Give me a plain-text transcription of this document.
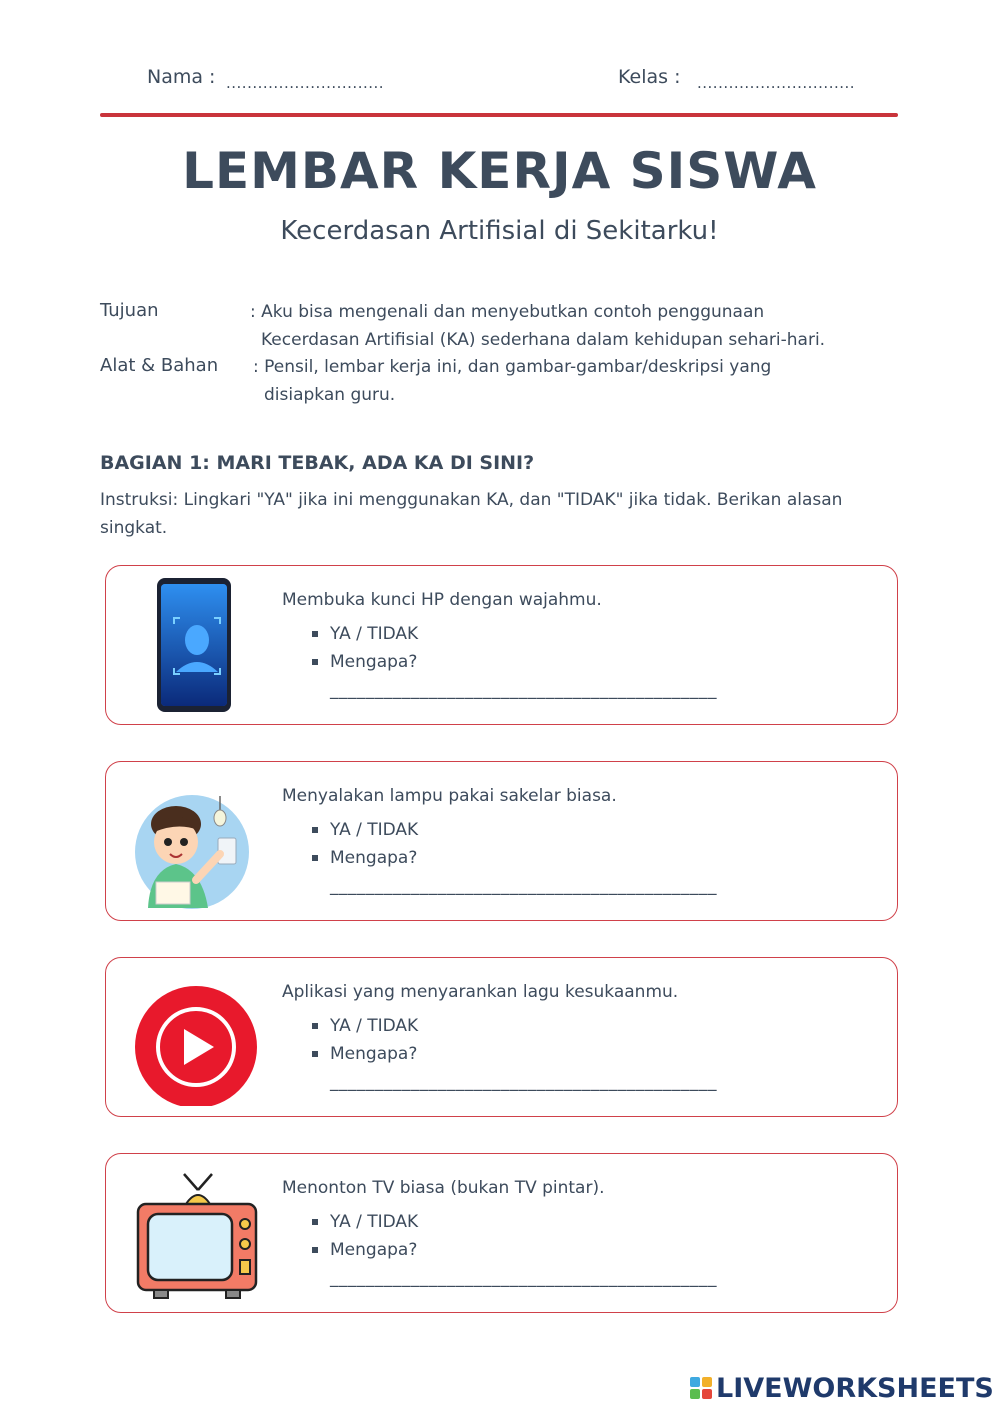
Nama : ..............................	Kelas : ..............................
LEMBAR KERJA SISWA
Kecerdasan Artifisial di Sekitarku!
Tujuan	: Aku bisa mengenali dan menyebutkan contoh penggunaan
Kecerdasan Artifisial (KA) sederhana dalam kehidupan sehari-hari.
Alat & Bahan : Pensil, lembar kerja ini, dan gambar-gambar/deskripsi yang
disiapkan guru.
BAGIAN 1: MARI TEBAK, ADA KA DI SINI?
Instruksi: Lingkari "YA" jika ini menggunakan KA, dan "TIDAK" jika tidak. Berikan alasan singkat.
Membuka kunci HP dengan wajahmu.
YA / TIDAK
Mengapa?
___________________________________________
Menyalakan lampu pakai sakelar biasa.
YA / TIDAK
Mengapa?
___________________________________________
Aplikasi yang menyarankan lagu kesukaanmu.
YA / TIDAK
Mengapa?
___________________________________________
Menonton TV biasa (bukan TV pintar).
YA / TIDAK
Mengapa?
___________________________________________
LIVEWORKSHEETS
